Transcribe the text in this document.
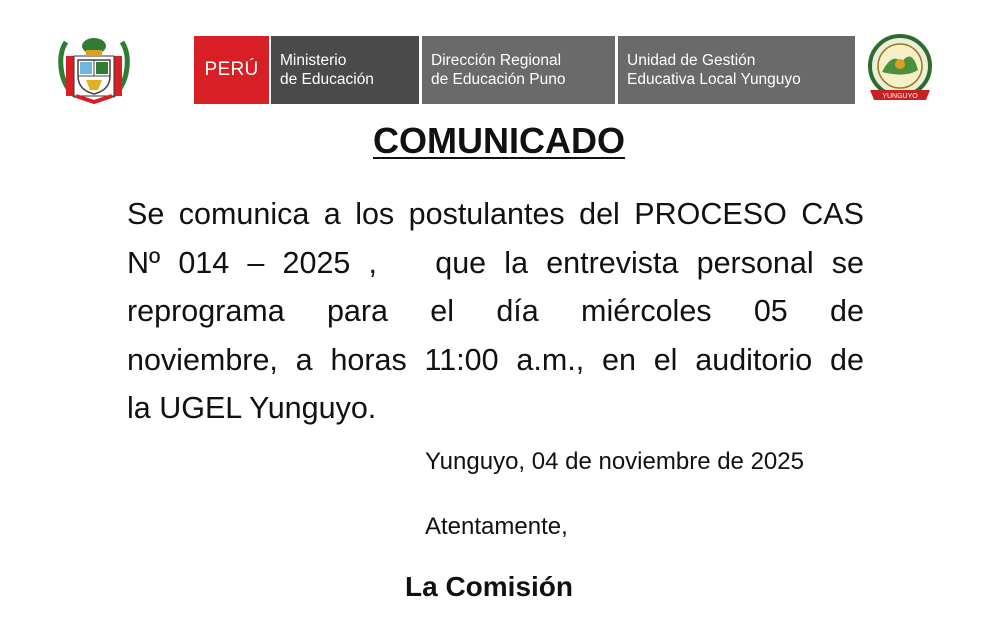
PERÚ	Ministerio
de Educación
Dirección Regional
de Educación Puno
Unidad de Gestión
Educativa Local Yunguyo
YUNGUYO
COMUNICADO

Se comunica a los postulantes del PROCESO CAS
Nº 014 – 2025 , que la entrevista personal se
reprograma para el día miércoles 05 de
noviembre, a horas 11:00 a.m., en el auditorio de
la UGEL Yunguyo.

Yunguyo, 04 de noviembre de 2025
Atentamente,
La Comisión
